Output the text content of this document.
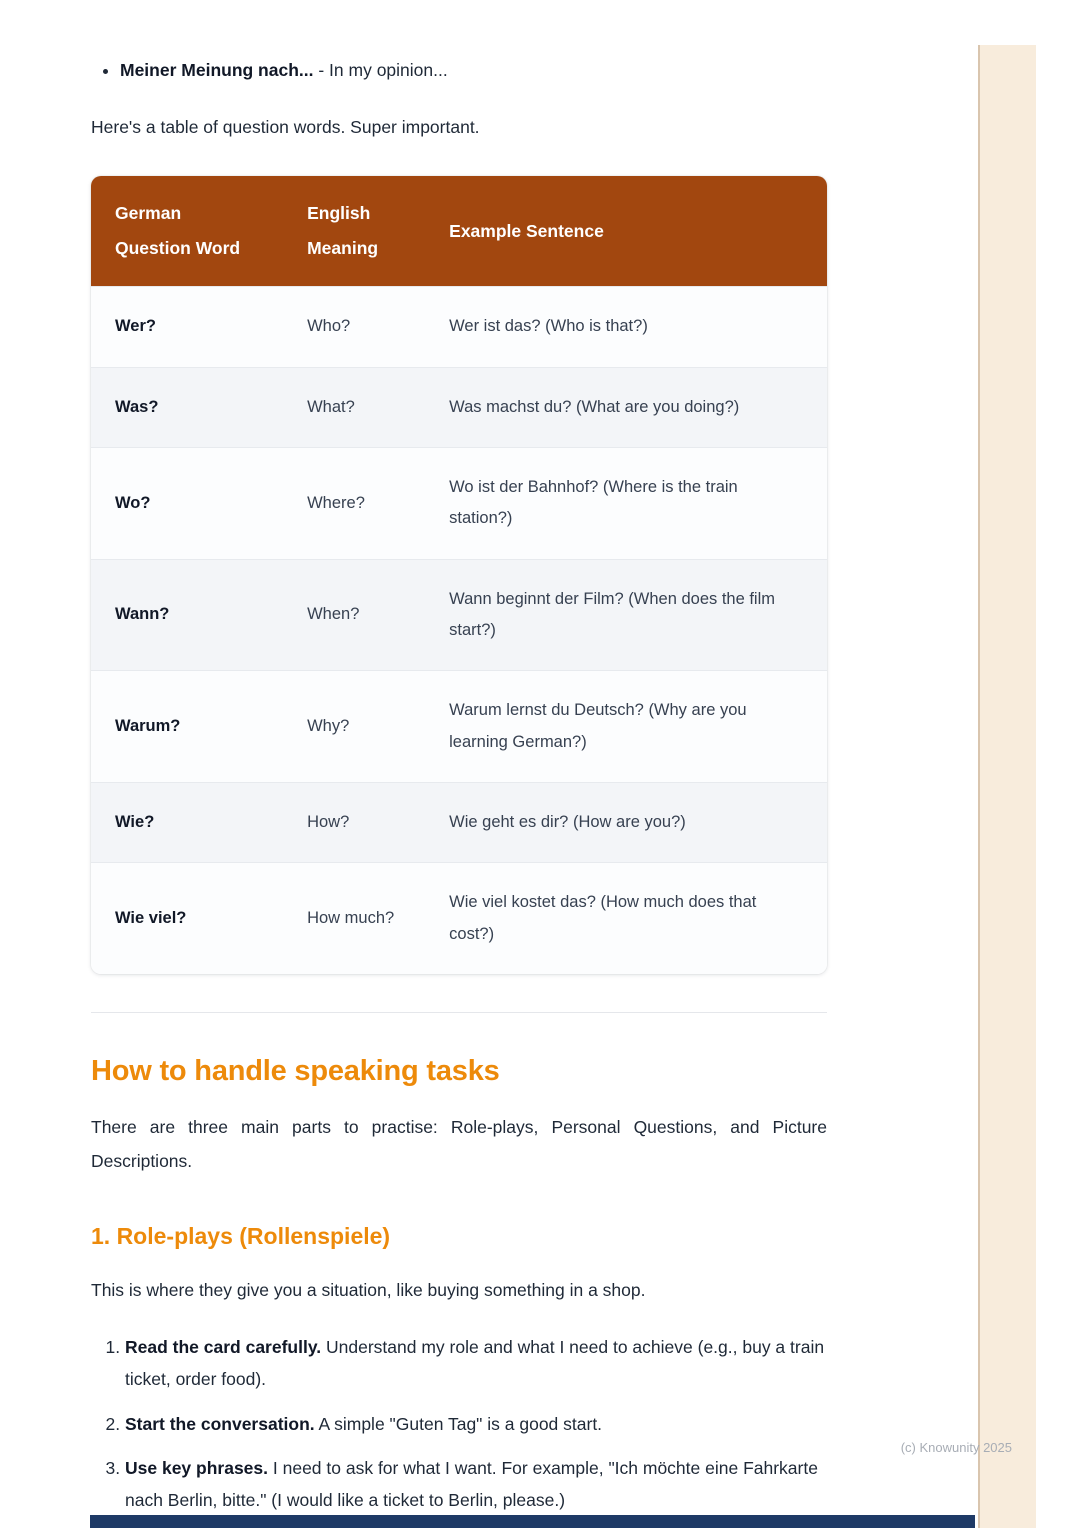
• Meiner Meinung nach... - In my opinion...

Here's a table of question words. Super important.

German Question Word	English Meaning	Example Sentence
Wer?	Who?	Wer ist das? (Who is that?)
Was?	What?	Was machst du? (What are you doing?)
Wo?	Where?	Wo ist der Bahnhof? (Where is the train station?)
Wann?	When?	Wann beginnt der Film? (When does the film start?)
Warum?	Why?	Warum lernst du Deutsch? (Why are you learning German?)
Wie?	How?	Wie geht es dir? (How are you?)
Wie viel?	How much?	Wie viel kostet das? (How much does that cost?)
How to handle speaking tasks

There are three main parts to practise: Role-plays, Personal Questions, and Picture Descriptions.

1. Role-plays (Rollenspiele)

This is where they give you a situation, like buying something in a shop.

1. Read the card carefully. Understand my role and what I need to achieve (e.g., buy a train ticket, order food).
2. Start the conversation. A simple "Guten Tag" is a good start.
3. Use key phrases. I need to ask for what I want. For example, "Ich möchte eine Fahrkarte nach Berlin, bitte." (I would like a ticket to Berlin, please.)
(c) Knowunity 2025
